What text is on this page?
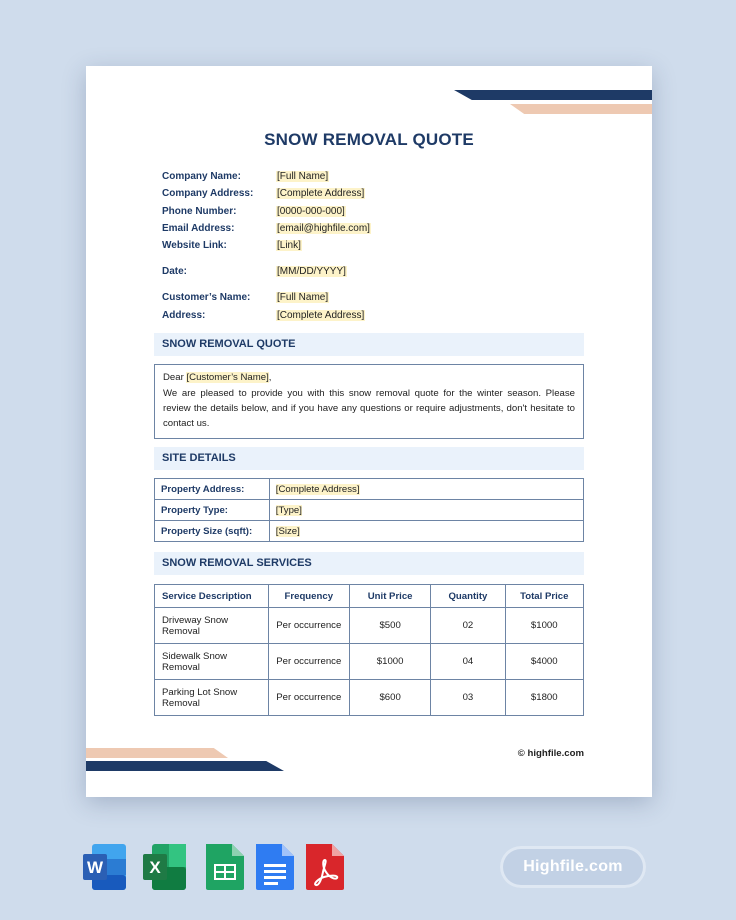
SNOW REMOVAL QUOTE
Company Name:	[Full Name]
Company Address: [Complete Address]
Phone Number:	[0000-000-000]
Email Address:	[email@highfile.com]
Website Link:	[Link]
Date:	[MM/DD/YYYY]
Customer’s Name:	[Full Name]
Address:	[Complete Address]
SNOW REMOVAL QUOTE
Dear [Customer’s Name],
We are pleased to provide you with this snow removal quote for the winter season. Please review the details below, and if you have any questions or require adjustments, don't hesitate to contact us.
SITE DETAILS
Property Address:	[Complete Address]
Property Type:	[Type]
Property Size (sqft):	[Size]
SNOW REMOVAL SERVICES
Service Description	Frequency	Unit Price	Quantity	Total Price
Driveway Snow Removal	Per occurrence	$500	02	$1000
Sidewalk Snow Removal	Per occurrence	$1000	04	$4000
Parking Lot Snow Removal	Per occurrence	$600	03	$1800
© highfile.com
W	X	Highfile.com
